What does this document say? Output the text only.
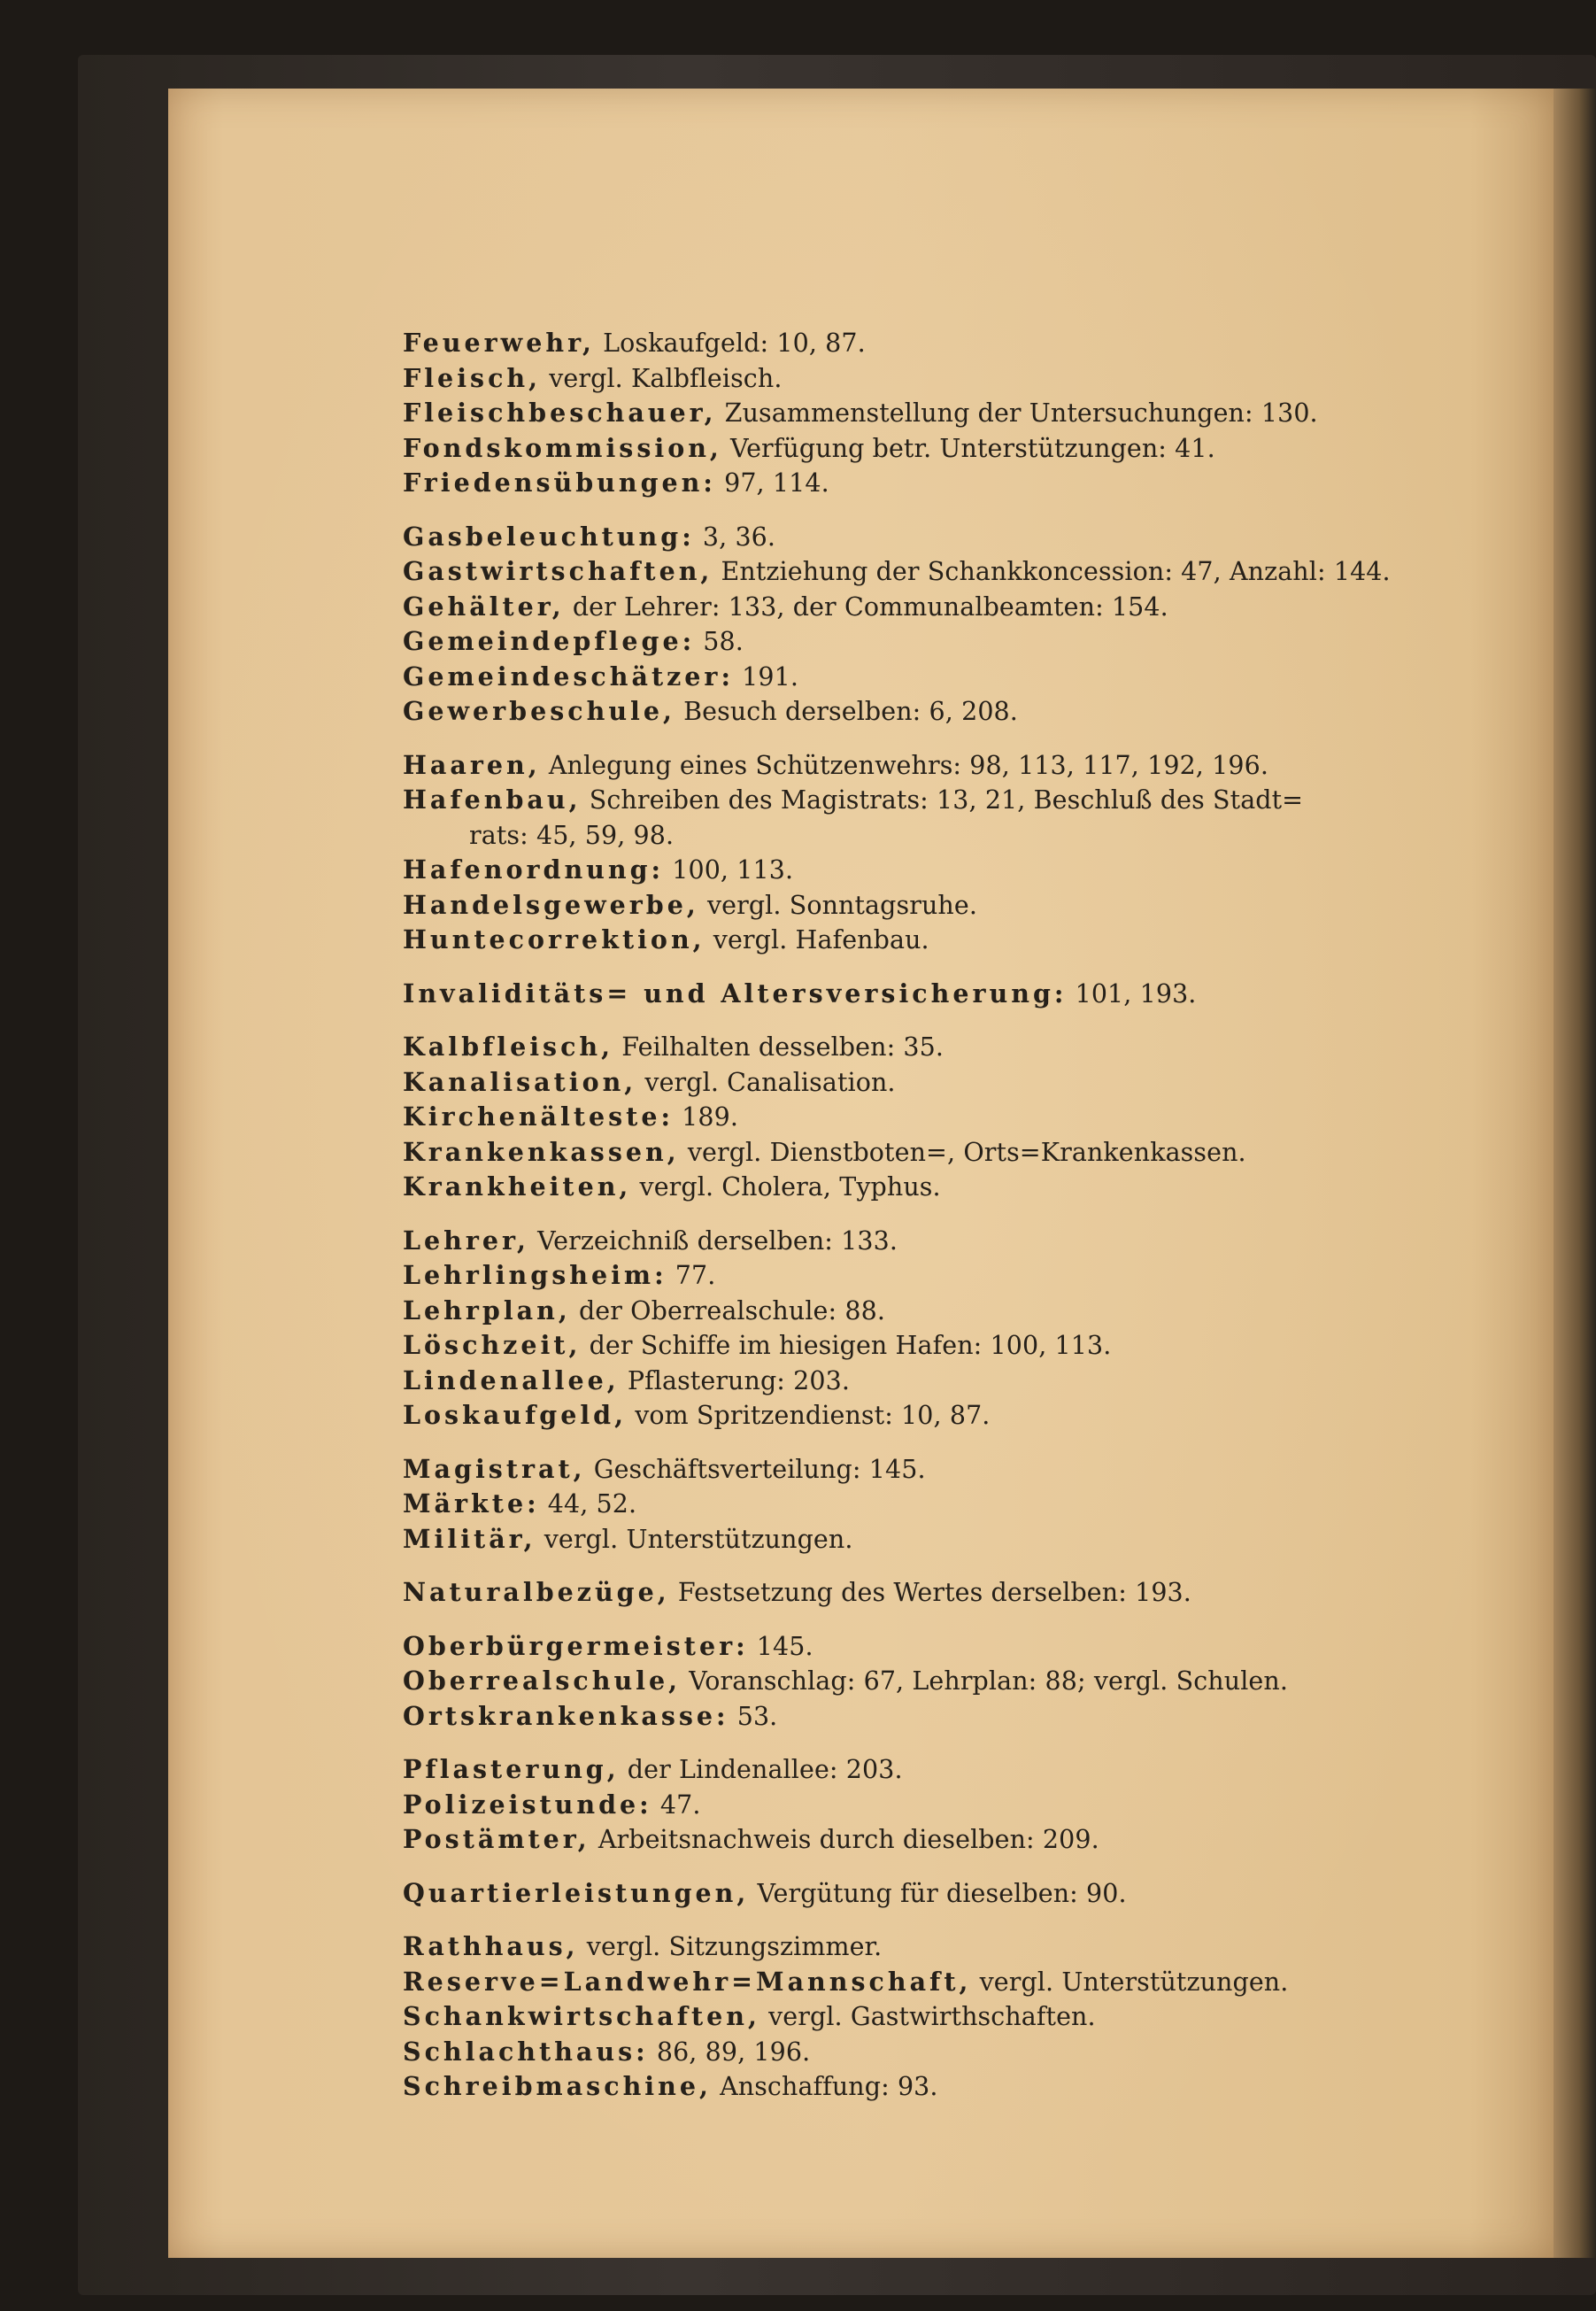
Feuerwehr, Loskaufgeld: 10, 87.
Fleisch, vergl. Kalbfleisch.
Fleischbeschauer, Zusammenstellung der Untersuchungen: 130.
Fondskommission, Verfügung betr. Unterstützungen: 41.
Friedensübungen: 97, 114.
Gasbeleuchtung: 3, 36.
Gastwirtschaften, Entziehung der Schankkoncession: 47, Anzahl: 144.
Gehälter, der Lehrer: 133, der Communalbeamten: 154.
Gemeindepflege: 58.
Gemeindeschätzer: 191.
Gewerbeschule, Besuch derselben: 6, 208.
Haaren, Anlegung eines Schützenwehrs: 98, 113, 117, 192, 196.
Hafenbau, Schreiben des Magistrats: 13, 21, Beschluß des Stadt=
rats: 45, 59, 98.
Hafenordnung: 100, 113.
Handelsgewerbe, vergl. Sonntagsruhe.
Huntecorrektion, vergl. Hafenbau.
Invaliditäts= und Altersversicherung: 101, 193.
Kalbfleisch, Feilhalten desselben: 35.
Kanalisation, vergl. Canalisation.
Kirchenälteste: 189.
Krankenkassen, vergl. Dienstboten=, Orts=Krankenkassen.
Krankheiten, vergl. Cholera, Typhus.
Lehrer, Verzeichniß derselben: 133.
Lehrlingsheim: 77.
Lehrplan, der Oberrealschule: 88.
Löschzeit, der Schiffe im hiesigen Hafen: 100, 113.
Lindenallee, Pflasterung: 203.
Loskaufgeld, vom Spritzendienst: 10, 87.
Magistrat, Geschäftsverteilung: 145.
Märkte: 44, 52.
Militär, vergl. Unterstützungen.
Naturalbezüge, Festsetzung des Wertes derselben: 193.
Oberbürgermeister: 145.
Oberrealschule, Voranschlag: 67, Lehrplan: 88; vergl. Schulen.
Ortskrankenkasse: 53.
Pflasterung, der Lindenallee: 203.
Polizeistunde: 47.
Postämter, Arbeitsnachweis durch dieselben: 209.
Quartierleistungen, Vergütung für dieselben: 90.
Rathhaus, vergl. Sitzungszimmer.
Reserve=Landwehr=Mannschaft, vergl. Unterstützungen.
Schankwirtschaften, vergl. Gastwirthschaften.
Schlachthaus: 86, 89, 196.
Schreibmaschine, Anschaffung: 93.
